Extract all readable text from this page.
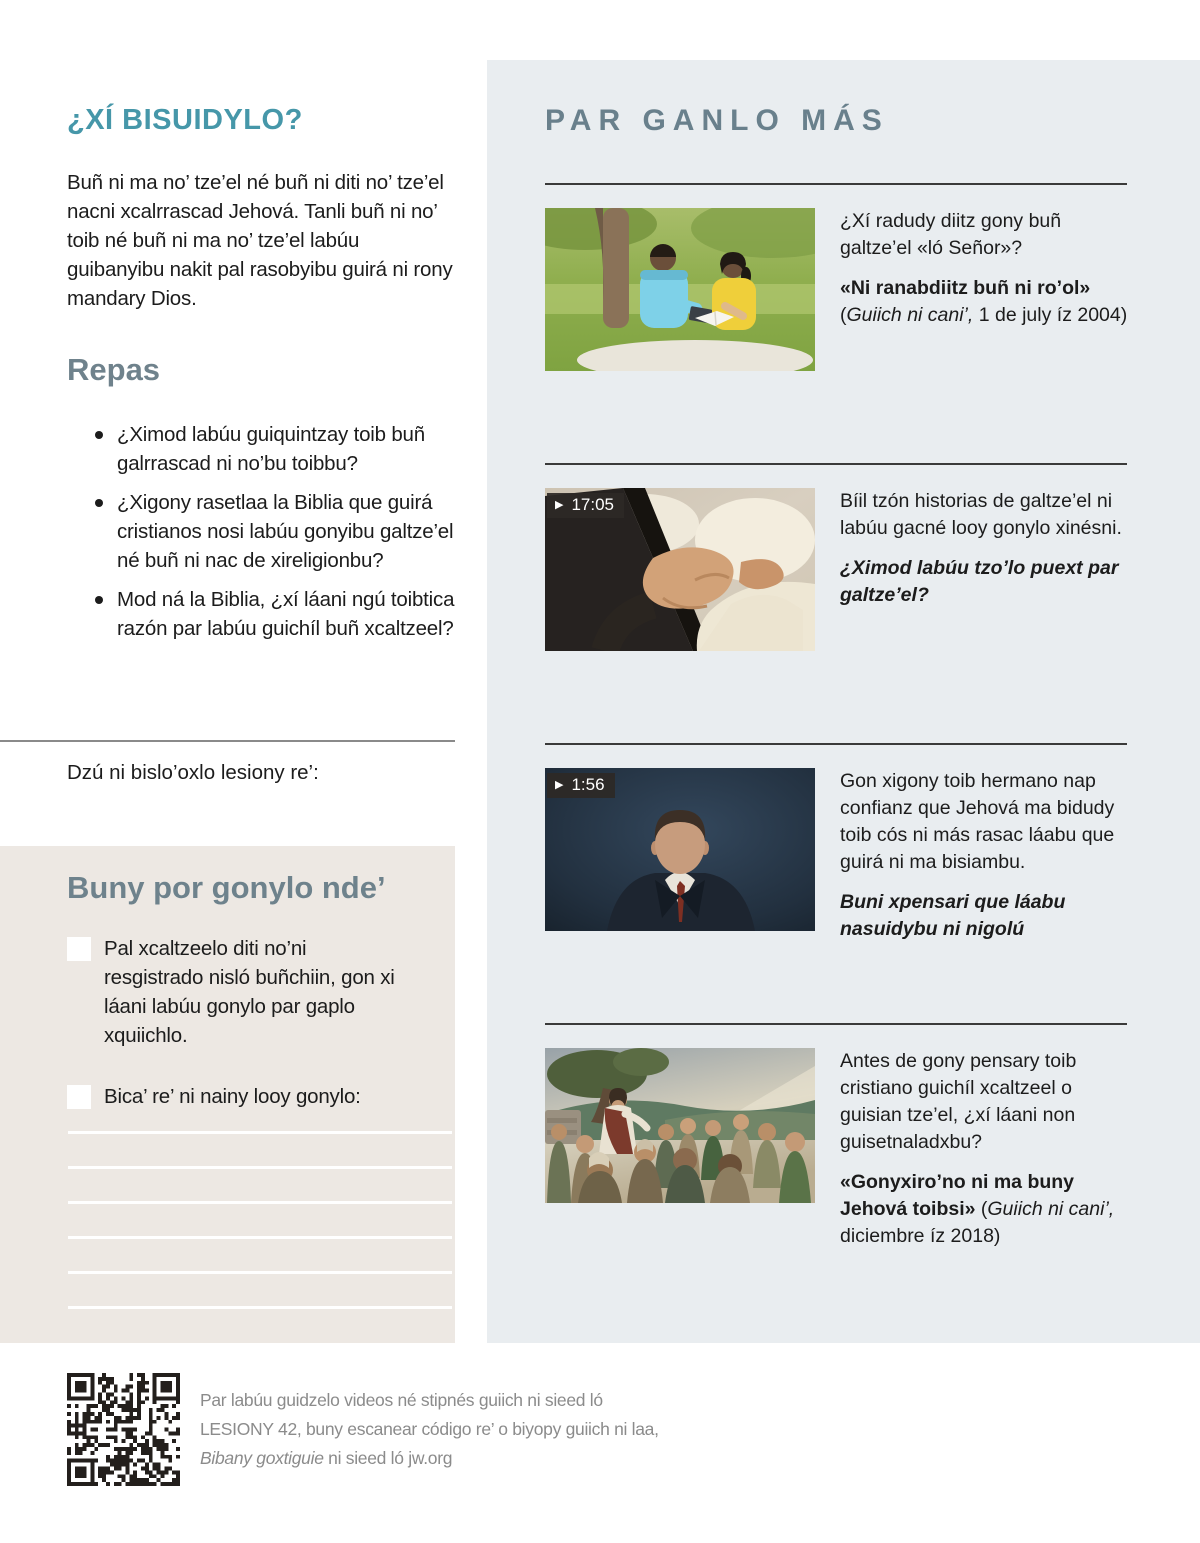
PAR GANLO MÁS

¿Xí radudy diitz gony buñ galtze’el «ló Señor»?

«Ni ranabdiitz buñ ni ro’ol»
(Guiich ni cani’, 1 de july íz 2004)

▶ 17:05	Bíil tzón historias de galtze’el ni labúu gacné looy gonylo xinésni.

¿Ximod labúu tzo’lo puext par galtze’el?

▶ 1:56	Gon xigony toib hermano nap confianz que Jehová ma bidudy toib cós ni más rasac láabu que guirá ni ma bisiambu.

Buni xpensari que láabu nasuidybu ni nigolú

Antes de gony pensary toib cristiano guichíl xcaltzeel o guisian tze’el, ¿xí láani non guisetnaladxbu?

«Gonyxiro’no ni ma buny Jehová toibsi» (Guiich ni cani’, diciembre íz 2018)

¿XÍ BISUIDYLO?

Buñ ni ma no’ tze’el né buñ ni diti no’ tze’el nacni xcalrrascad Jehová. Tanli buñ ni no’ toib né buñ ni ma no’ tze’el labúu guibanyibu nakit pal rasobyibu guirá ni rony mandary Dios.

Repas
¿Ximod labúu guiquintzay toib buñ galrrascad ni no’bu toibbu?
¿Xigony rasetlaa la Biblia que guirá cristianos nosi labúu gonyibu galtze’el né buñ ni nac de xireligionbu?
Mod ná la Biblia, ¿xí láani ngú toibtica razón par labúu guichíl buñ xcaltzeel?

Dzú ni bislo’oxlo lesiony re’:

Buny por gonylo nde’
Pal xcaltzeelo diti no’ni resgistrado nisló buñchiin, gon xi láani labúu gonylo par gaplo xquiichlo.
Bica’ re’ ni nainy looy gonylo:

Par labúu guidzelo videos né stipnés guiich ni sieed ló LESIONY 42, buny escanear código re’ o biyopy guiich ni laa, Bibany goxtiguie ni sieed ló jw.org
